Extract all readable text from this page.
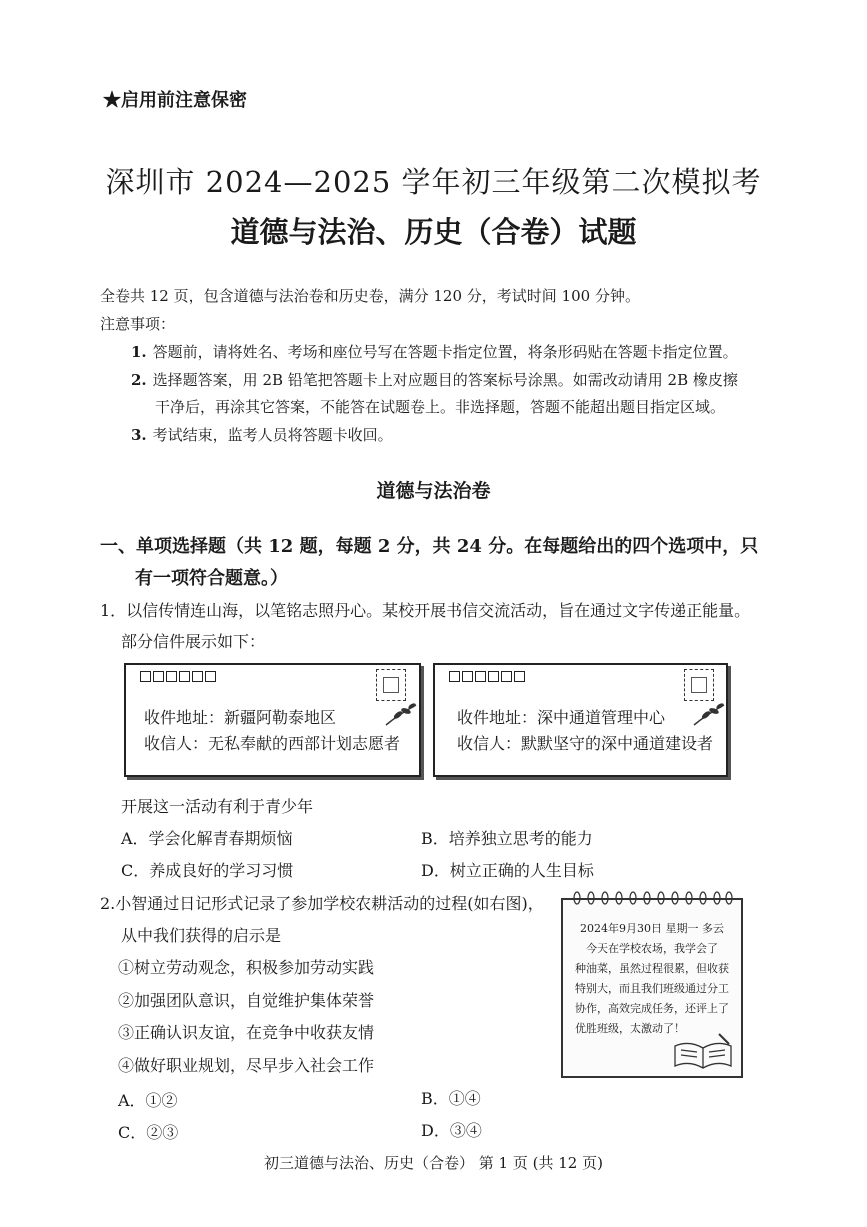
★启用前注意保密
深圳市 2024—2025 学年初三年级第二次模拟考
道德与法治、历史（合卷）试题
全卷共 12 页，包含道德与法治卷和历史卷，满分 120 分，考试时间 100 分钟。
注意事项：
1. 答题前，请将姓名、考场和座位号写在答题卡指定位置，将条形码贴在答题卡指定位置。
2. 选择题答案，用 2B 铅笔把答题卡上对应题目的答案标号涂黑。如需改动请用 2B 橡皮擦
干净后，再涂其它答案，不能答在试题卷上。非选择题，答题不能超出题目指定区域。
3. 考试结束，监考人员将答题卡收回。
道德与法治卷
一、单项选择题（共 12 题，每题 2 分，共 24 分。在每题给出的四个选项中，只
有一项符合题意。）
1．以信传情连山海，以笔铭志照丹心。某校开展书信交流活动，旨在通过文字传递正能量。
部分信件展示如下：
收件地址：新疆阿勒泰地区
收信人：无私奉献的西部计划志愿者
收件地址：深中通道管理中心
收信人：默默坚守的深中通道建设者
开展这一活动有利于青少年
A．学会化解青春期烦恼	B．培养独立思考的能力
C．养成良好的学习习惯	D．树立正确的人生目标
2.小智通过日记形式记录了参加学校农耕活动的过程(如右图)，
从中我们获得的启示是
①树立劳动观念，积极参加劳动实践
②加强团队意识，自觉维护集体荣誉
③正确认识友谊，在竞争中收获友情
④做好职业规划，尽早步入社会工作
2024年9月30日 星期一 多云
今天在学校农场，我学会了
种油菜，虽然过程很累，但收获
特别大，而且我们班级通过分工
协作，高效完成任务，还评上了
优胜班级，太激动了！
A．①②	B．①④
C．②③	D．③④
初三道德与法治、历史（合卷） 第 1 页 (共 12 页)
